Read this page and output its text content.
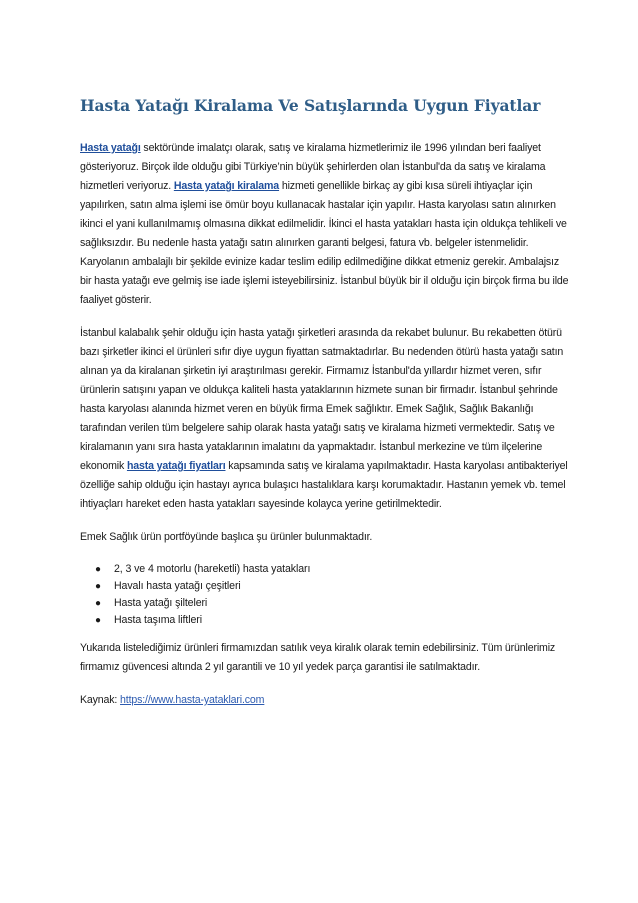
Hasta Yatağı Kiralama Ve Satışlarında Uygun Fiyatlar

Hasta yatağı sektöründe imalatçı olarak, satış ve kiralama hizmetlerimiz ile 1996 yılından beri faaliyet gösteriyoruz. Birçok ilde olduğu gibi Türkiye’nin büyük şehirlerden olan İstanbul'da da satış ve kiralama hizmetleri veriyoruz. Hasta yatağı kiralama hizmeti genellikle birkaç ay gibi kısa süreli ihtiyaçlar için yapılırken, satın alma işlemi ise ömür boyu kullanacak hastalar için yapılır. Hasta karyolası satın alınırken ikinci el yani kullanılmamış olmasına dikkat edilmelidir. İkinci el hasta yatakları hasta için oldukça tehlikeli ve sağlıksızdır. Bu nedenle hasta yatağı satın alınırken garanti belgesi, fatura vb. belgeler istenmelidir. Karyolanın ambalajlı bir şekilde evinize kadar teslim edilip edilmediğine dikkat etmeniz gerekir. Ambalajsız bir hasta yatağı eve gelmiş ise iade işlemi isteyebilirsiniz. İstanbul büyük bir il olduğu için birçok firma bu ilde faaliyet gösterir.

İstanbul kalabalık şehir olduğu için hasta yatağı şirketleri arasında da rekabet bulunur. Bu rekabetten ötürü bazı şirketler ikinci el ürünleri sıfır diye uygun fiyattan satmaktadırlar. Bu nedenden ötürü hasta yatağı satın alınan ya da kiralanan şirketin iyi araştırılması gerekir. Firmamız İstanbul'da yıllardır hizmet veren, sıfır ürünlerin satışını yapan ve oldukça kaliteli hasta yataklarının hizmete sunan bir firmadır. İstanbul şehrinde hasta karyolası alanında hizmet veren en büyük firma Emek sağlıktır. Emek Sağlık, Sağlık Bakanlığı tarafından verilen tüm belgelere sahip olarak hasta yatağı satış ve kiralama hizmeti vermektedir. Satış ve kiralamanın yanı sıra hasta yataklarının imalatını da yapmaktadır. İstanbul merkezine ve tüm ilçelerine ekonomik hasta yatağı fiyatları kapsamında satış ve kiralama yapılmaktadır. Hasta karyolası antibakteriyel özelliğe sahip olduğu için hastayı ayrıca bulaşıcı hastalıklara karşı korumaktadır. Hastanın yemek vb. temel ihtiyaçları hareket eden hasta yatakları sayesinde kolayca yerine getirilmektedir.

Emek Sağlık ürün portföyünde başlıca şu ürünler bulunmaktadır.

● 2, 3 ve 4 motorlu (hareketli) hasta yatakları
● Havalı hasta yatağı çeşitleri
● Hasta yatağı şilteleri
● Hasta taşıma liftleri

Yukarıda listelediğimiz ürünleri firmamızdan satılık veya kiralık olarak temin edebilirsiniz. Tüm ürünlerimiz firmamız güvencesi altında 2 yıl garantili ve 10 yıl yedek parça garantisi ile satılmaktadır.

Kaynak: https://www.hasta-yataklari.com
